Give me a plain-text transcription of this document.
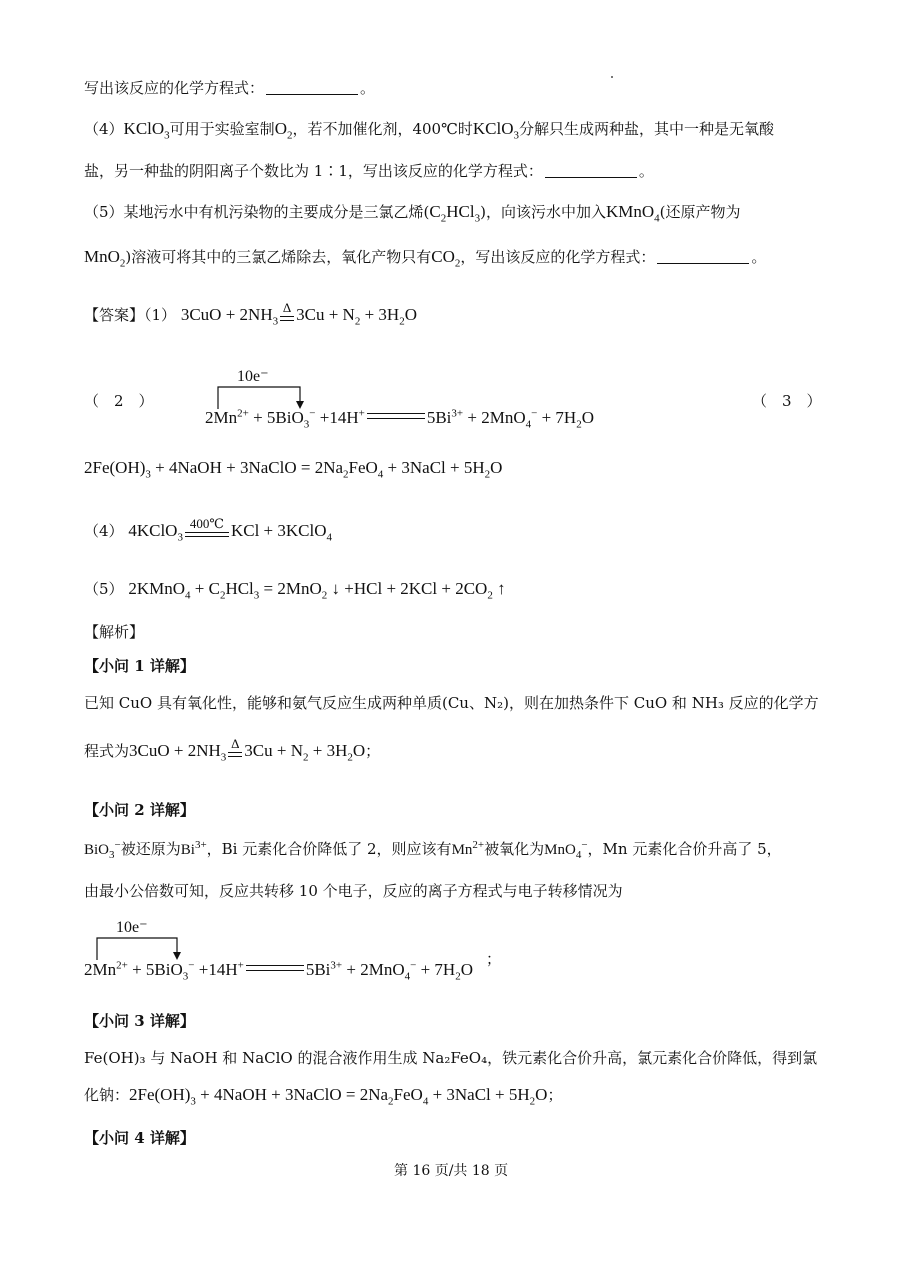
写出该反应的化学方程式：	。
（4）KClO$_3$可用于实验室制$O_2$，若不加催化剂，400℃时KClO$_3$分解只生成两种盐，其中一种是无氧酸
盐，另一种盐的阴阳离子个数比为 1∶1，写出该反应的化学方程式：	。
（5）某地污水中有机污染物的主要成分是三氯乙烯$(C_2HCl_3)$，向该污水中加入KMnO$_4$(还原产物为
MnO$_2$)溶液可将其中的三氯乙烯除去，氧化产物只有$CO_2$，写出该反应的化学方程式：	。
【答案】（1） $3CuO + 2NH_3$
Δ $3Cu + N_2 + 3H_2O$
（　2　）	（　3　）
10e⁻
$2Mn^{2+} + 5BiO_3^- +14H^+$	$5Bi^{3+} + 2MnO_4^- + 7H_2O$
$2Fe(OH)_3$ + 4NaOH + 3NaClO = $2Na_2FeO_4$ + 3NaCl + $5H_2O$
（4） 4KClO$_3$
400℃ KCl + 3KClO$_4$
（5） 2KMnO$_4$ + $C_2HCl_3 = 2MnO_2$ ↓ $+HCl + 2KCl + 2CO_2$ ↑
【解析】
【小问 1 详解】
已知 CuO 具有氧化性，能够和氨气反应生成两种单质(Cu、N₂)，则在加热条件下 CuO 和 NH₃ 反应的化学方
程式为$3CuO + 2NH_3$
Δ $3Cu + N_2 + 3H_2O$；
【小问 2 详解】
BiO$_3$−被还原为$Bi^{3+}$，Bi 元素化合价降低了 2，则应该有$Mn^{2+}$被氧化为MnO$_4$−，Mn 元素化合价升高了 5，
由最小公倍数可知，反应共转移 10 个电子，反应的离子方程式与电子转移情况为
10e⁻
$2Mn^{2+} + 5BiO_3^- +14H^+$	$5Bi^{3+} + 2MnO_4^- + 7H_2O$
；
【小问 3 详解】
Fe(OH)₃ 与 NaOH 和 NaClO 的混合液作用生成 Na₂FeO₄，铁元素化合价升高，氯元素化合价降低，得到氯
化钠：$2Fe(OH)_3$ + 4NaOH + 3NaClO = $2Na_2FeO_4$ + 3NaCl + $5H_2O$；
【小问 4 详解】
第 16 页/共 18 页
